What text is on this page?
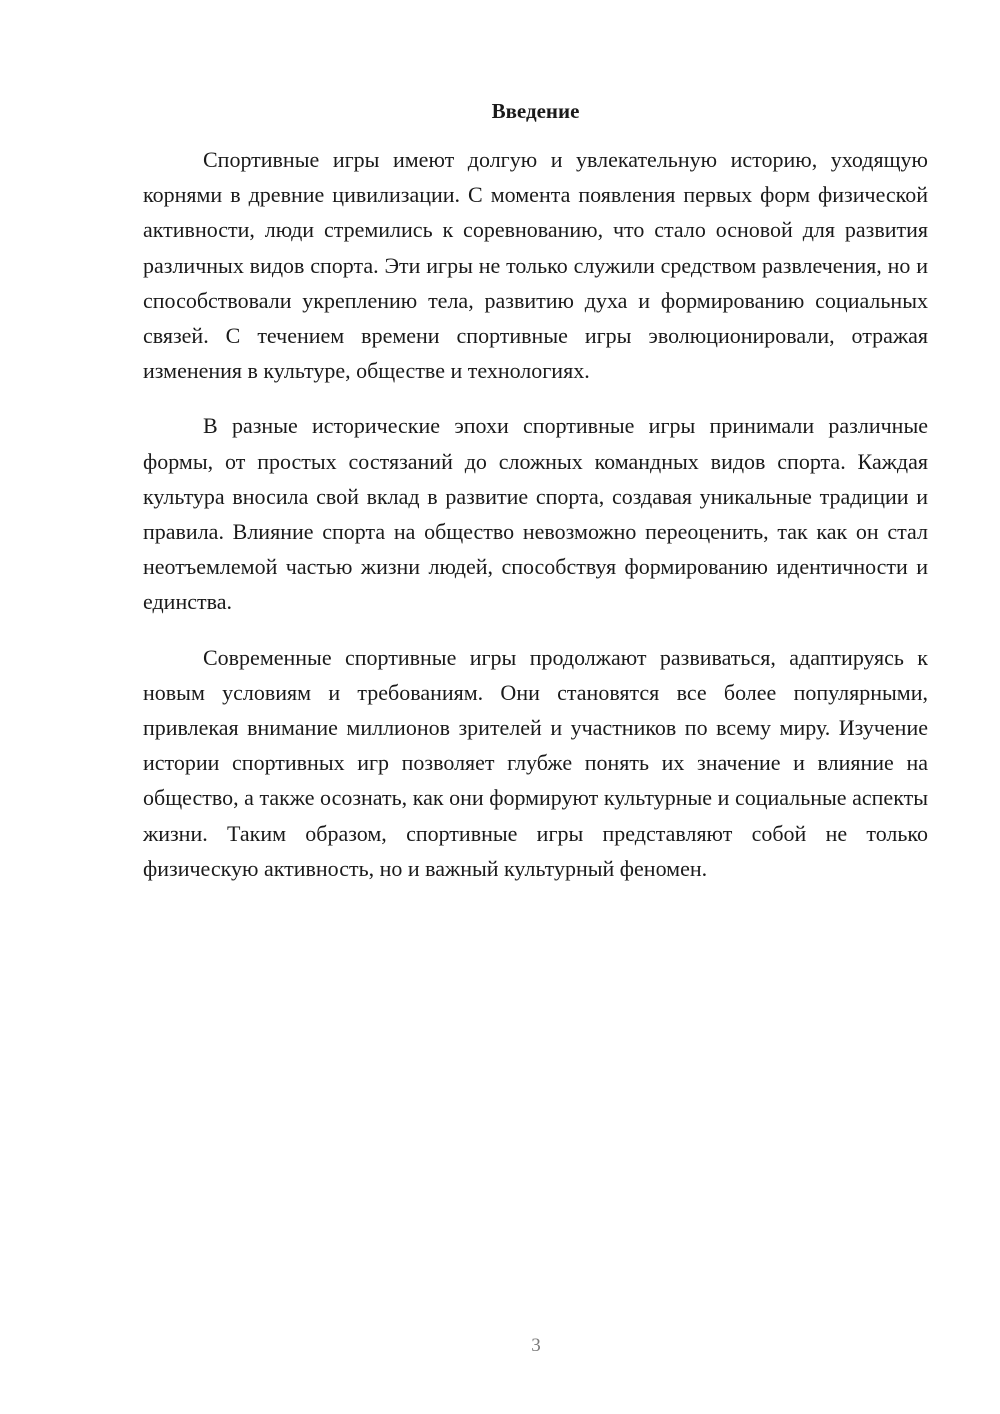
Введение

Спортивные игры имеют долгую и увлекательную историю, уходящую корнями в древние цивилизации. С момента появления первых форм физической активности, люди стремились к соревнованию, что стало основой для развития различных видов спорта. Эти игры не только служили средством развлечения, но и способствовали укреплению тела, развитию духа и формированию социальных связей. С течением времени спортивные игры эволюционировали, отражая изменения в культуре, обществе и технологиях.

В разные исторические эпохи спортивные игры принимали различные формы, от простых состязаний до сложных командных видов спорта. Каждая культура вносила свой вклад в развитие спорта, создавая уникальные традиции и правила. Влияние спорта на общество невозможно переоценить, так как он стал неотъемлемой частью жизни людей, способствуя формированию идентичности и единства.

Современные спортивные игры продолжают развиваться, адаптируясь к новым условиям и требованиям. Они становятся все более популярными, привлекая внимание миллионов зрителей и участников по всему миру. Изучение истории спортивных игр позволяет глубже понять их значение и влияние на общество, а также осознать, как они формируют культурные и социальные аспекты жизни. Таким образом, спортивные игры представляют собой не только физическую активность, но и важный культурный феномен.

3
